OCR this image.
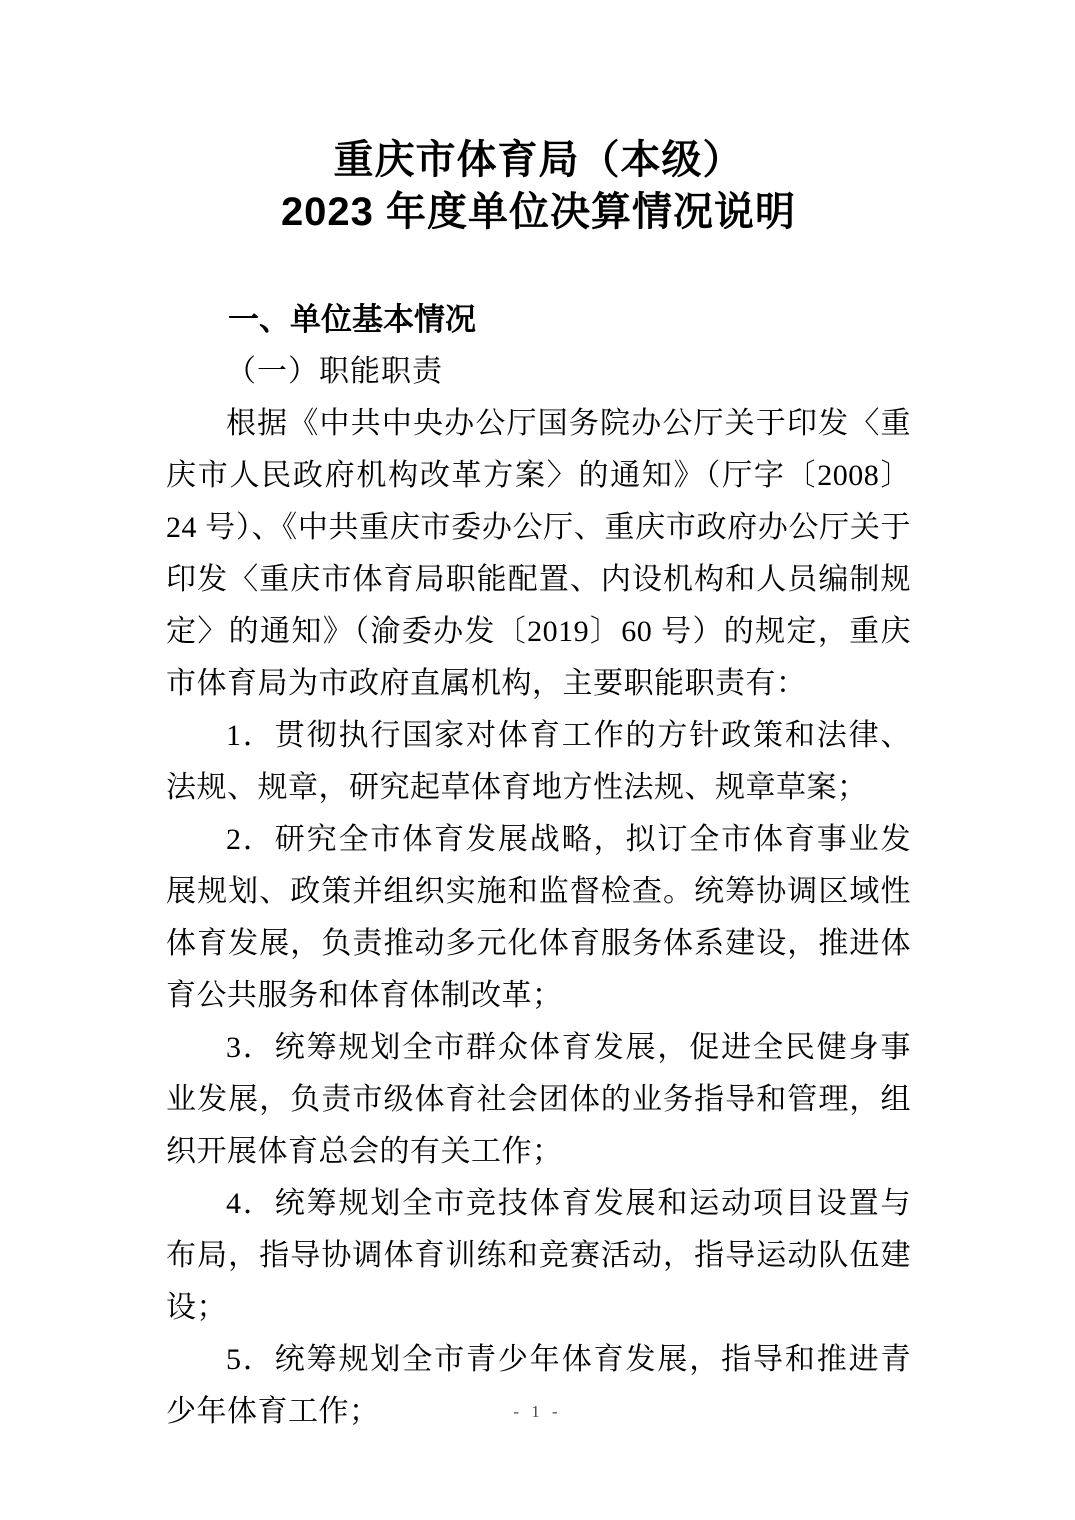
重庆市体育局（本级）
2023 年度单位决算情况说明
一、单位基本情况
（一）职能职责

根据《中共中央办公厅国务院办公厅关于印发〈重庆市人民政府机构改革方案〉的通知》（厅字〔2008〕24 号）、《中共重庆市委办公厅、重庆市政府办公厅关于印发〈重庆市体育局职能配置、内设机构和人员编制规定〉的通知》（渝委办发〔2019〕60 号）的规定，重庆市体育局为市政府直属机构，主要职能职责有：

1．贯彻执行国家对体育工作的方针政策和法律、法规、规章，研究起草体育地方性法规、规章草案；

2．研究全市体育发展战略，拟订全市体育事业发展规划、政策并组织实施和监督检查。统筹协调区域性体育发展，负责推动多元化体育服务体系建设，推进体育公共服务和体育体制改革；

3．统筹规划全市群众体育发展，促进全民健身事业发展，负责市级体育社会团体的业务指导和管理，组织开展体育总会的有关工作；

4．统筹规划全市竞技体育发展和运动项目设置与布局，指导协调体育训练和竞赛活动，指导运动队伍建设；

5．统筹规划全市青少年体育发展，指导和推进青少年体育工作；	- 1 -
